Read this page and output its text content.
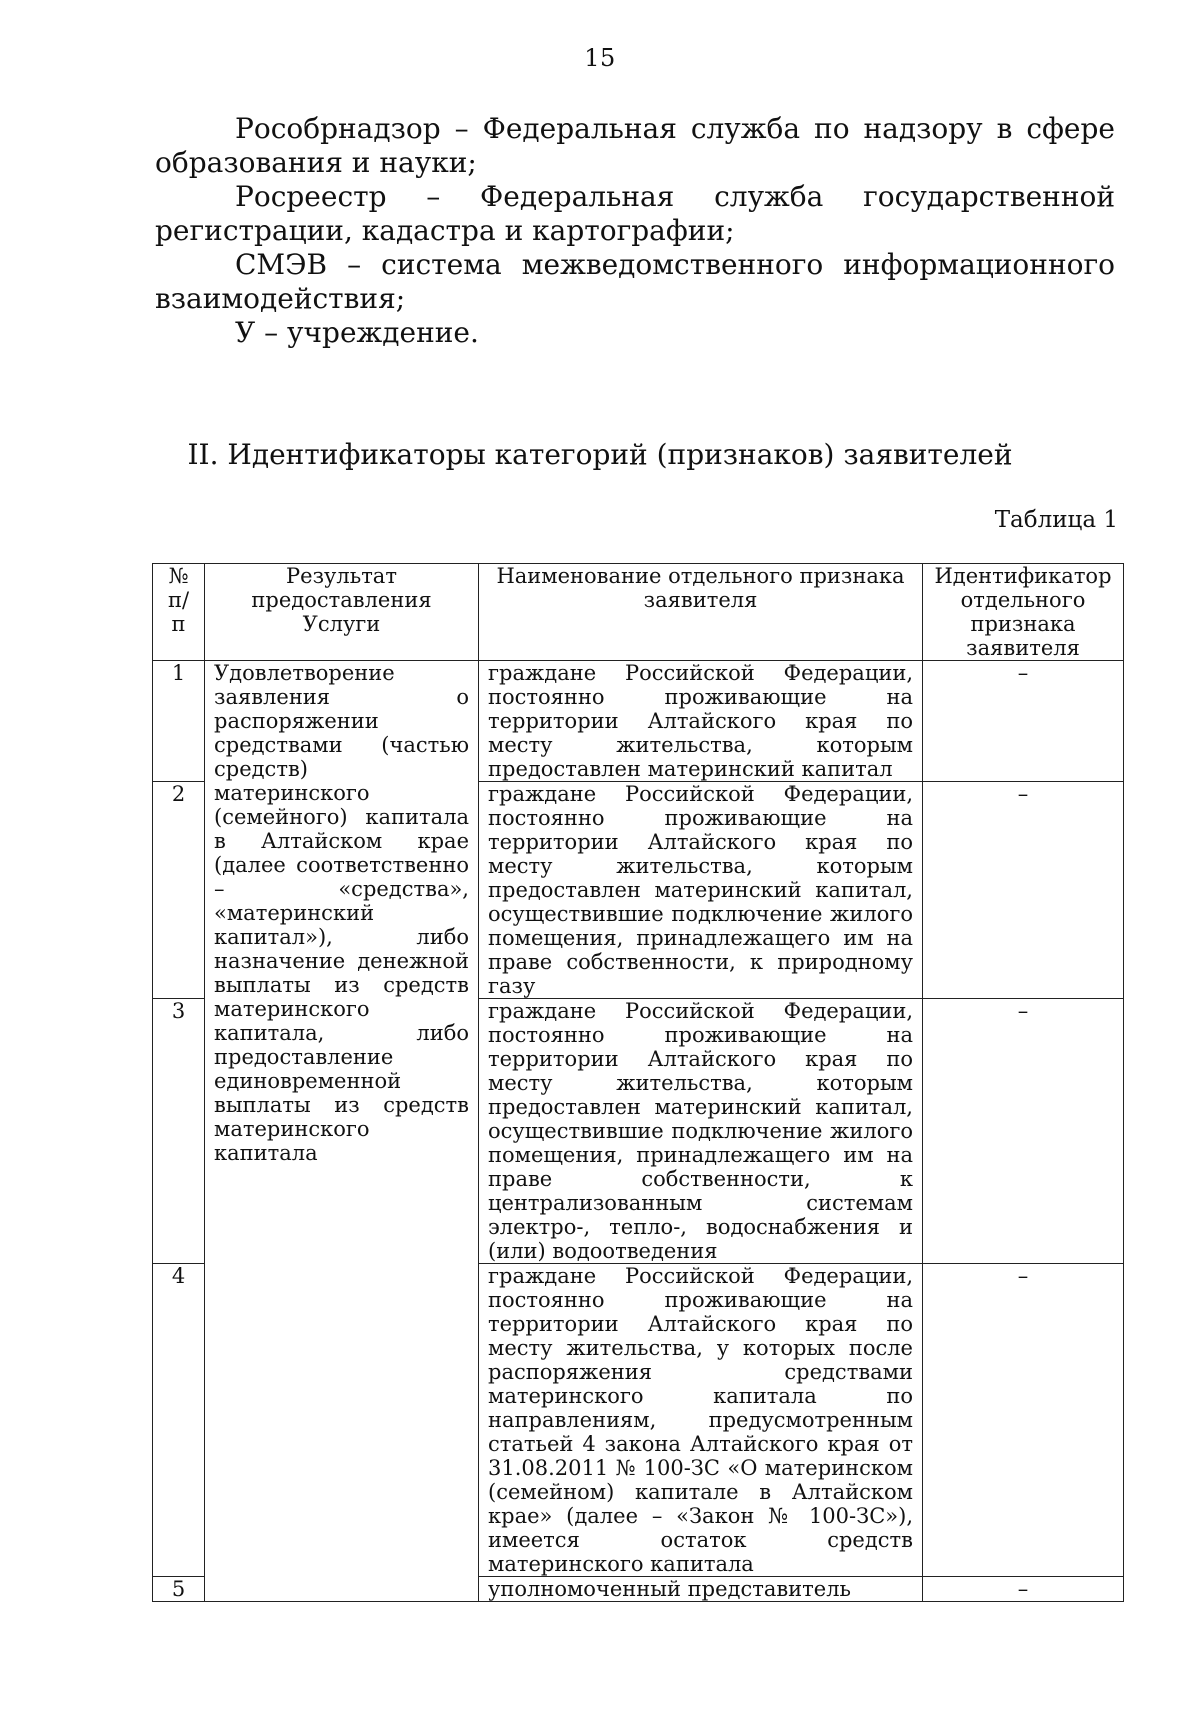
15

Рособрнадзор – Федеральная служба по надзору в сфере образования и науки;

Росреестр – Федеральная служба государственной регистрации, кадастра и картографии;

СМЭВ – система межведомственного информационного взаимодействия;

У – учреждение.

II. Идентификаторы категорий (признаков) заявителей
Таблица 1
№ п/п	Результат предоставления Услуги	Наименование отдельного признака заявителя	Идентификатор отдельного признака заявителя
1	Удовлетворение заявления о распоряжении средствами (частью средств) материнского (семейного) капитала в Алтайском крае (далее соответственно – «средства», «материнский капитал»), либо назначение денежной выплаты из средств материнского капитала, либо предоставление единовременной выплаты из средств материнского капитала	граждане Российской Федерации, постоянно проживающие на территории Алтайского края по месту жительства, которым предоставлен материнский капитал	–
2		граждане Российской Федерации, постоянно проживающие на территории Алтайского края по месту жительства, которым предоставлен материнский капитал, осуществившие подключение жилого помещения, принадлежащего им на праве собственности, к природному газу	–
3		граждане Российской Федерации, постоянно проживающие на территории Алтайского края по месту жительства, которым предоставлен материнский капитал, осуществившие подключение жилого помещения, принадлежащего им на праве собственности, к централизованным системам электро-, тепло-, водоснабжения и (или) водоотведения	–
4		граждане Российской Федерации, постоянно проживающие на территории Алтайского края по месту жительства, у которых после распоряжения средствами материнского капитала по направлениям, предусмотренным статьей 4 закона Алтайского края от 31.08.2011 № 100-ЗС «О материнском (семейном) капитале в Алтайском крае» (далее – «Закон № 100-ЗС»), имеется остаток средств материнского капитала	–
5		уполномоченный представитель	–
